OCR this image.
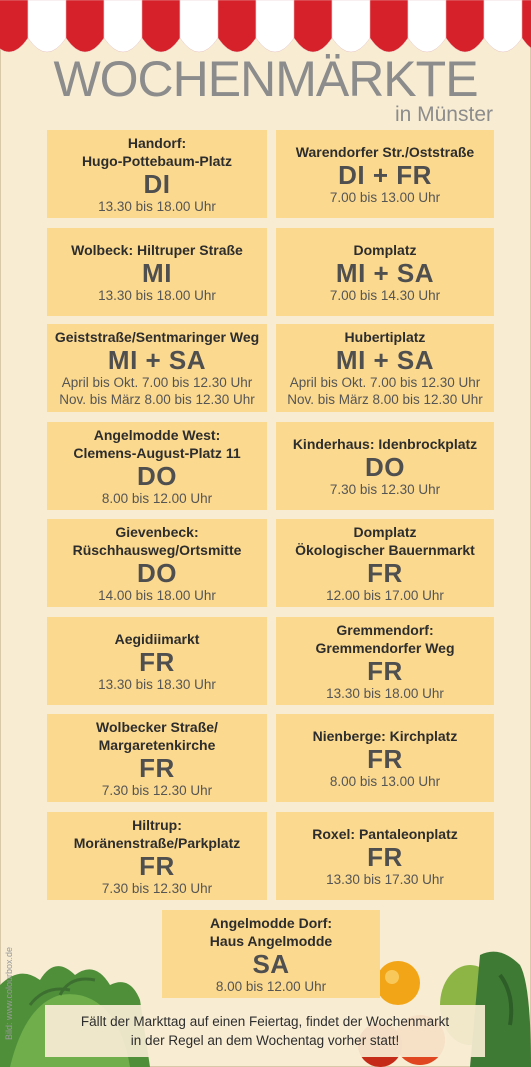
WOCHENMÄRKTE
in Münster
Handorf:
Hugo-Pottebaum-Platz
DI
13.30 bis 18.00 Uhr
Warendorfer Str./Oststraße
DI + FR
7.00 bis 13.00 Uhr
Wolbeck: Hiltruper Straße
MI
13.30 bis 18.00 Uhr
Domplatz
MI + SA
7.00 bis 14.30 Uhr
Geiststraße/Sentmaringer Weg
MI + SA
April bis Okt. 7.00 bis 12.30 Uhr
Nov. bis März 8.00 bis 12.30 Uhr
Hubertiplatz
MI + SA
April bis Okt. 7.00 bis 12.30 Uhr
Nov. bis März 8.00 bis 12.30 Uhr
Angelmodde West:
Clemens-August-Platz 11
DO
8.00 bis 12.00 Uhr
Kinderhaus: Idenbrockplatz
DO
7.30 bis 12.30 Uhr
Gievenbeck:
Rüschhausweg/Ortsmitte
DO
14.00 bis 18.00 Uhr
Domplatz
Ökologischer Bauernmarkt
FR
12.00 bis 17.00 Uhr
Aegidiimarkt
FR
13.30 bis 18.30 Uhr
Gremmendorf:
Gremmendorfer Weg
FR
13.30 bis 18.00 Uhr
Wolbecker Straße/
Margaretenkirche
FR
7.30 bis 12.30 Uhr
Nienberge: Kirchplatz
FR
8.00 bis 13.00 Uhr
Hiltrup:
Moränenstraße/Parkplatz
FR
7.30 bis 12.30 Uhr
Roxel: Pantaleonplatz
FR
13.30 bis 17.30 Uhr
Angelmodde Dorf:
Haus Angelmodde
SA
8.00 bis 12.00 Uhr
Fällt der Markttag auf einen Feiertag, findet der Wochenmarkt
in der Regel an dem Wochentag vorher statt!
Bild: www.colourbox.de
